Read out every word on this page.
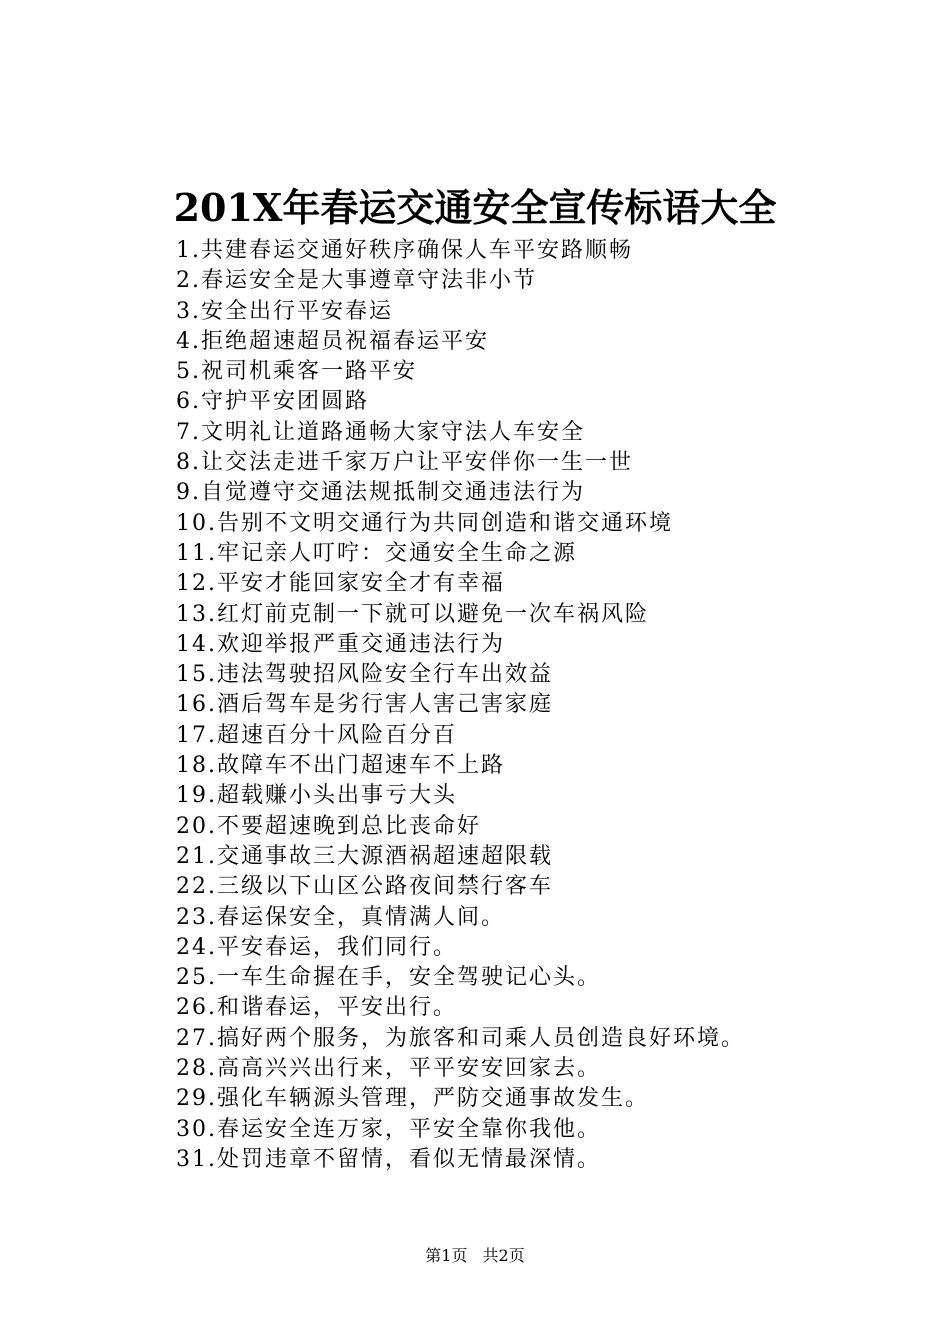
201X年春运交通安全宣传标语大全
1.共建春运交通好秩序确保人车平安路顺畅
2.春运安全是大事遵章守法非小节
3.安全出行平安春运
4.拒绝超速超员祝福春运平安
5.祝司机乘客一路平安
6.守护平安团圆路
7.文明礼让道路通畅大家守法人车安全
8.让交法走进千家万户让平安伴你一生一世
9.自觉遵守交通法规抵制交通违法行为
10.告别不文明交通行为共同创造和谐交通环境
11.牢记亲人叮咛：交通安全生命之源
12.平安才能回家安全才有幸福
13.红灯前克制一下就可以避免一次车祸风险
14.欢迎举报严重交通违法行为
15.违法驾驶招风险安全行车出效益
16.酒后驾车是劣行害人害己害家庭
17.超速百分十风险百分百
18.故障车不出门超速车不上路
19.超载赚小头出事亏大头
20.不要超速晚到总比丧命好
21.交通事故三大源酒祸超速超限载
22.三级以下山区公路夜间禁行客车
23.春运保安全，真情满人间。
24.平安春运，我们同行。
25.一车生命握在手，安全驾驶记心头。
26.和谐春运，平安出行。
27.搞好两个服务，为旅客和司乘人员创造良好环境。
28.高高兴兴出行来，平平安安回家去。
29.强化车辆源头管理，严防交通事故发生。
30.春运安全连万家，平安全靠你我他。
31.处罚违章不留情，看似无情最深情。
第1页 共2页
